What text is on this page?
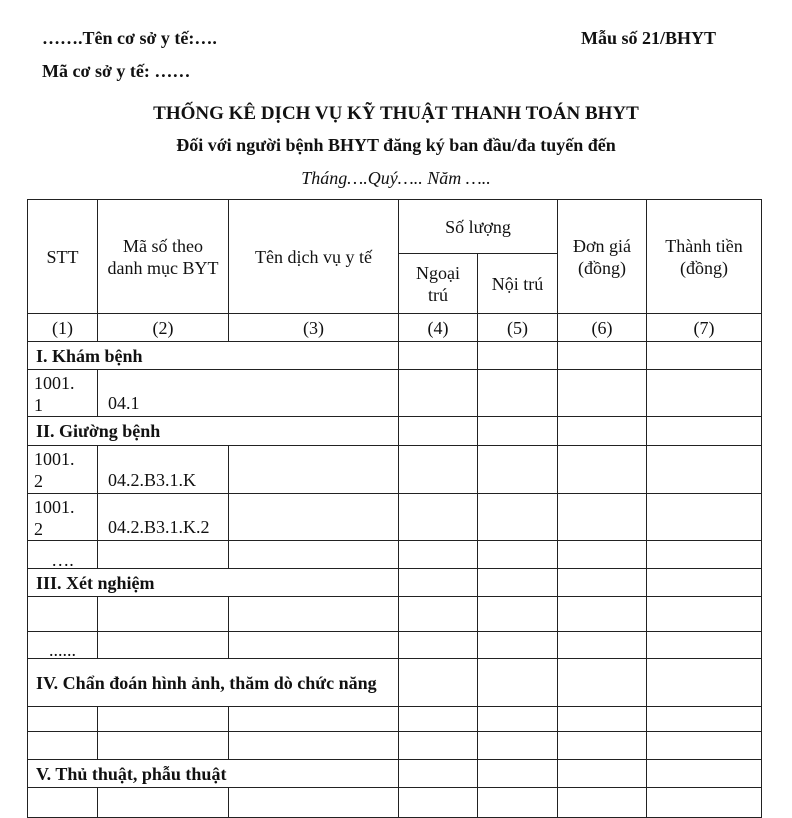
…….Tên cơ sở y tế:….	Mẫu số 21/BHYT
Mã cơ sở y tế: ……
THỐNG KÊ DỊCH VỤ KỸ THUẬT THANH TOÁN BHYT
Đối với người bệnh BHYT đăng ký ban đầu/đa tuyến đến
Tháng….Quý….. Năm …..
STT	Mã số theo danh mục BYT	Tên dịch vụ y tế	Số lượng		Đơn giá (đồng)	Thành tiền (đồng)
			Ngoại trú	Nội trú		
(1)	(2)	(3)	(4)	(5)	(6)	(7)
I. Khám bệnh						
1001.
1	04.1					
II. Giường bệnh						
1001.
2	04.2.B3.1.K					
1001.
2	04.2.B3.1.K.2					
….						
III. Xét nghiệm						

......						
IV. Chẩn đoán hình ảnh, thăm dò chức năng						

V. Thủ thuật, phẫu thuật						
